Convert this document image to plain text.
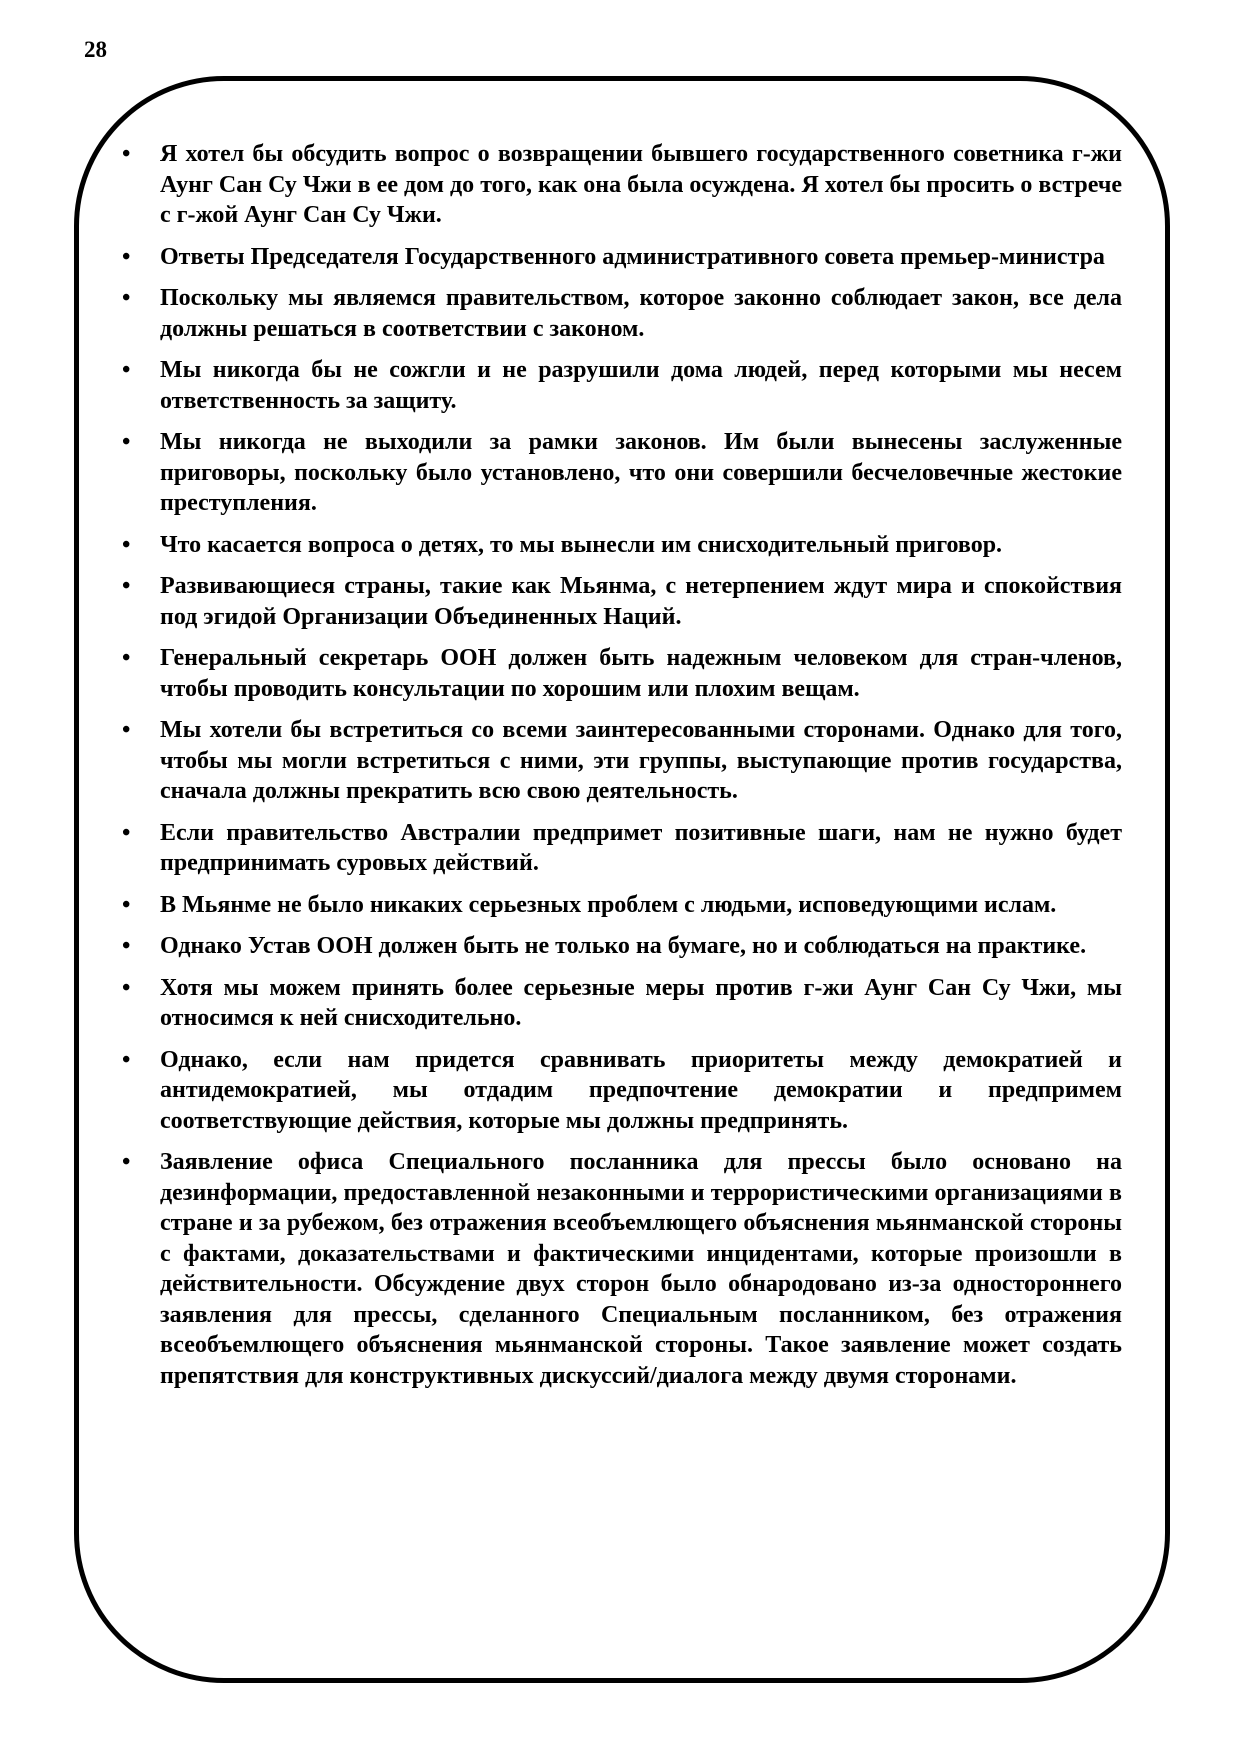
28
•	Я хотел бы обсудить вопрос о возвращении бывшего государственного советника г-жи Аунг Сан Су Чжи в ее дом до того, как она была осуждена. Я хотел бы просить о встрече с г-жой Аунг Сан Су Чжи.
•	Ответы Председателя Государственного административного совета премьер-министра
•	Поскольку мы являемся правительством, которое законно соблюдает закон, все дела должны решаться в соответствии с законом.
•	Мы никогда бы не сожгли и не разрушили дома людей, перед которыми мы несем ответственность за защиту.
•	Мы никогда не выходили за рамки законов. Им были вынесены заслуженные приговоры, поскольку было установлено, что они совершили бесчеловечные жестокие преступления.
•	Что касается вопроса о детях, то мы вынесли им снисходительный приговор.
•	Развивающиеся страны, такие как Мьянма, с нетерпением ждут мира и спокойствия под эгидой Организации Объединенных Наций.
•	Генеральный секретарь ООН должен быть надежным человеком для стран-членов, чтобы проводить консультации по хорошим или плохим вещам.
•	Мы хотели бы встретиться со всеми заинтересованными сторонами. Однако для того, чтобы мы могли встретиться с ними, эти группы, выступающие против государства, сначала должны прекратить всю свою деятельность.
•	Если правительство Австралии предпримет позитивные шаги, нам не нужно будет предпринимать суровых действий.
•	В Мьянме не было никаких серьезных проблем с людьми, исповедующими ислам.
•	Однако Устав ООН должен быть не только на бумаге, но и соблюдаться на практике.
•	Хотя мы можем принять более серьезные меры против г-жи Аунг Сан Су Чжи, мы относимся к ней снисходительно.
•	Однако, если нам придется сравнивать приоритеты между демократией и антидемократией, мы отдадим предпочтение демократии и предпримем соответствующие действия, которые мы должны предпринять.
•	Заявление офиса Специального посланника для прессы было основано на дезинформации, предоставленной незаконными и террористическими организациями в стране и за рубежом, без отражения всеобъемлющего объяснения мьянманской стороны с фактами, доказательствами и фактическими инцидентами, которые произошли в действительности. Обсуждение двух сторон было обнародовано из-за одностороннего заявления для прессы, сделанного Специальным посланником, без отражения всеобъемлющего объяснения мьянманской стороны. Такое заявление может создать препятствия для конструктивных дискуссий/диалога между двумя сторонами.
